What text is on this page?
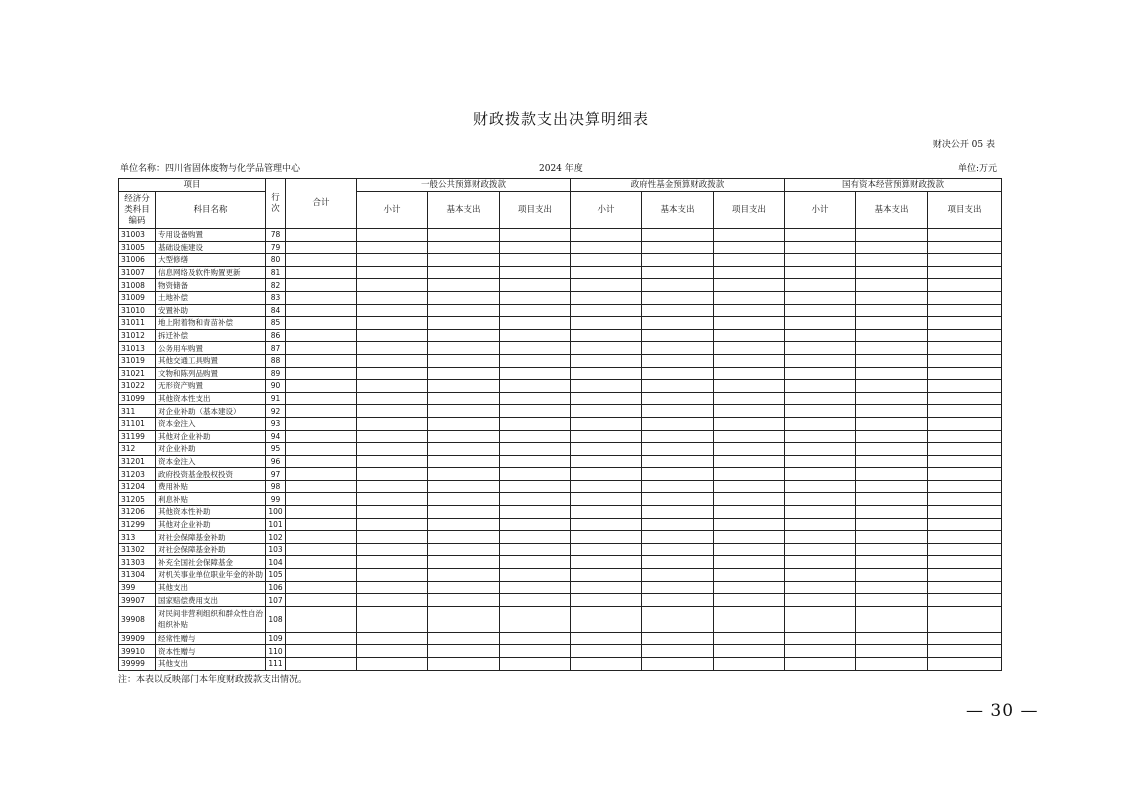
财政拨款支出决算明细表
财决公开 05 表
单位名称：四川省固体废物与化学品管理中心	2024 年度	单位:万元
项目		行次	合计	一般公共预算财政拨款			政府性基金预算财政拨款			国有资本经营预算财政拨款		
经济分类科目编码	科目名称			小计	基本支出	项目支出	小计	基本支出	项目支出	小计	基本支出	项目支出
31003	专用设备购置	78										
31005	基础设施建设	79										
31006	大型修缮	80										
31007	信息网络及软件购置更新	81										
31008	物资储备	82										
31009	土地补偿	83										
31010	安置补助	84										
31011	地上附着物和青苗补偿	85										
31012	拆迁补偿	86										
31013	公务用车购置	87										
31019	其他交通工具购置	88										
31021	文物和陈列品购置	89										
31022	无形资产购置	90										
31099	其他资本性支出	91										
311	对企业补助（基本建设）	92										
31101	资本金注入	93										
31199	其他对企业补助	94										
312	对企业补助	95										
31201	资本金注入	96										
31203	政府投资基金股权投资	97										
31204	费用补贴	98										
31205	利息补贴	99										
31206	其他资本性补助	100										
31299	其他对企业补助	101										
313	对社会保障基金补助	102										
31302	对社会保障基金补助	103										
31303	补充全国社会保障基金	104										
31304	对机关事业单位职业年金的补助	105										
399	其他支出	106										
39907	国家赔偿费用支出	107										
39908	对民间非营利组织和群众性自治组织补贴	108										
39909	经常性赠与	109										
39910	资本性赠与	110										
39999	其他支出	111										
注：本表以反映部门本年度财政拨款支出情况。
— 30 —
